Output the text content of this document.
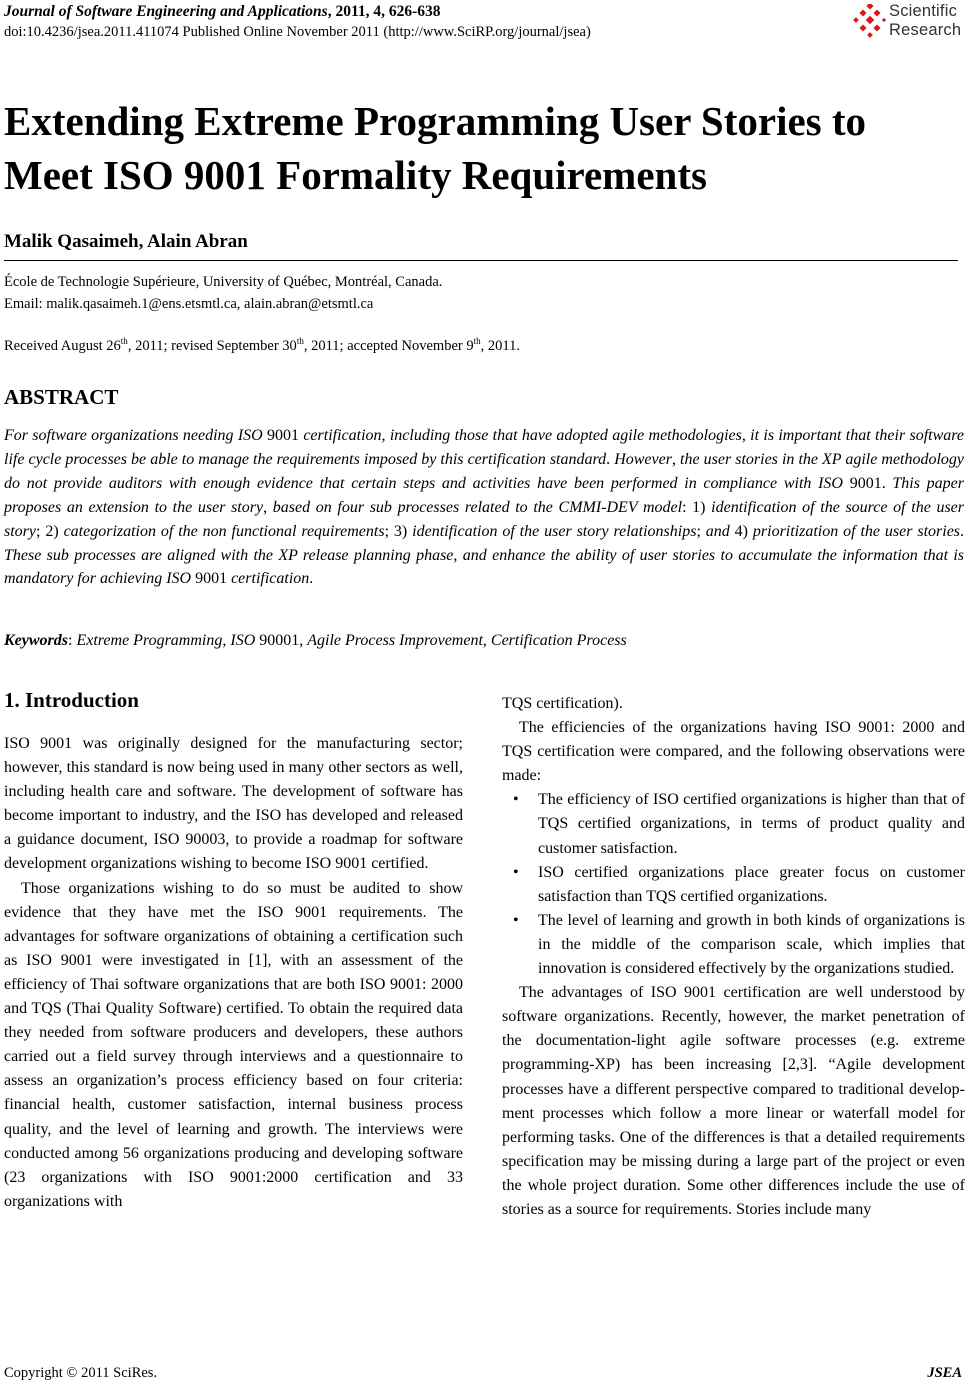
Journal of Software Engineering and Applications, 2011, 4, 626-638
doi:10.4236/jsea.2011.411074 Published Online November 2011 (http://www.SciRP.org/journal/jsea)
Scientific
Research
Extending Extreme Programming User Stories to Meet ISO 9001 Formality Requirements
Malik Qasaimeh, Alain Abran
École de Technologie Supérieure, University of Québec, Montréal, Canada.
Email: malik.qasaimeh.1@ens.etsmtl.ca, alain.abran@etsmtl.ca
Received August 26th, 2011; revised September 30th, 2011; accepted November 9th, 2011.
ABSTRACT
For software organizations needing ISO 9001 certification, including those that have adopted agile methodologies, it is important that their software life cycle processes be able to manage the requirements imposed by this certification standard. However, the user stories in the XP agile methodology do not provide auditors with enough evidence that certain steps and activities have been performed in compliance with ISO 9001. This paper proposes an extension to the user story, based on four sub processes related to the CMMI-DEV model: 1) identification of the source of the user story; 2) categorization of the non functional requirements; 3) identification of the user story relationships; and 4) prioritization of the user stories. These sub processes are aligned with the XP release planning phase, and enhance the ability of user stories to accumulate the information that is mandatory for achieving ISO 9001 certification.
Keywords: Extreme Programming, ISO 90001, Agile Process Improvement, Certification Process
1. Introduction

ISO 9001 was originally designed for the manufacturing sector; however, this standard is now being used in many other sectors as well, including health care and software. The development of software has become important to industry, and the ISO has developed and released a guidance document, ISO 90003, to provide a roadmap for software development organizations wishing to become ISO 9001 certified.

Those organizations wishing to do so must be audited to show evidence that they have met the ISO 9001 requirements. The advantages for software organizations of obtaining a certification such as ISO 9001 were investigated in [1], with an assessment of the efficiency of Thai software organizations that are both ISO 9001: 2000 and TQS (Thai Quality Software) certified. To obtain the required data they needed from software producers and developers, these authors carried out a field survey through interviews and a questionnaire to assess an organization’s process efficiency based on four criteria: financial health, customer satisfaction, internal business process quality, and the level of learning and growth. The interviews were conducted among 56 organizations producing and developing software (23 organizations with ISO 9001:2000 certification and 33 organizations with

TQS certification).

The efficiencies of the organizations having ISO 9001: 2000 and TQS certification were compared, and the following observations were made:

• The efficiency of ISO certified organizations is higher than that of TQS certified organizations, in terms of product quality and customer satisfaction.
• ISO certified organizations place greater focus on customer satisfaction than TQS certified organizations.
• The level of learning and growth in both kinds of organizations is in the middle of the comparison scale, which implies that innovation is considered effectively by the organizations studied.

The advantages of ISO 9001 certification are well understood by software organizations. Recently, however, the market penetration of the documentation-light agile software processes (e.g. extreme programming-XP) has been increasing [2,3]. “Agile development processes have a different perspective compared to traditional development processes which follow a more linear or waterfall model for performing tasks. One of the differences is that a detailed requirements specification may be missing during a large part of the project or even the whole project duration. Some other differences include the use of stories as a source for requirements. Stories include many

Copyright © 2011 SciRes.	JSEA
